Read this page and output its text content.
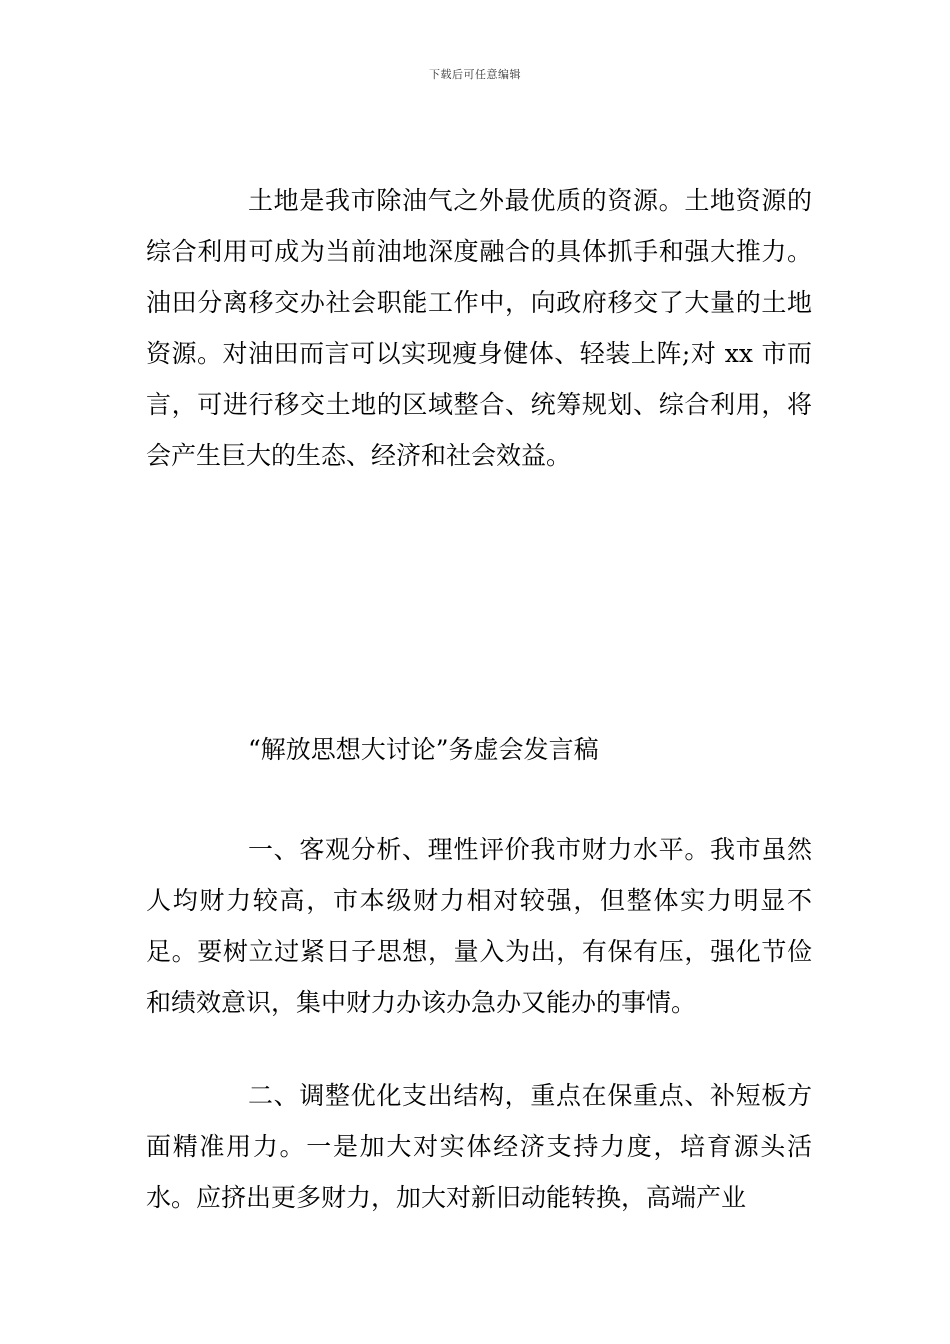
下载后可任意编辑

土地是我市除油气之外最优质的资源。土地资源的综合利用可成为当前油地深度融合的具体抓手和强大推力。油田分离移交办社会职能工作中，向政府移交了大量的土地资源。对油田而言可以实现瘦身健体、轻装上阵;对 xx 市而言，可进行移交土地的区域整合、统筹规划、综合利用，将会产生巨大的生态、经济和社会效益。

“解放思想大讨论”务虚会发言稿

一、客观分析、理性评价我市财力水平。我市虽然人均财力较高，市本级财力相对较强，但整体实力明显不足。要树立过紧日子思想，量入为出，有保有压，强化节俭和绩效意识，集中财力办该办急办又能办的事情。

二、调整优化支出结构，重点在保重点、补短板方面精准用力。一是加大对实体经济支持力度，培育源头活水。应挤出更多财力，加大对新旧动能转换，高端产业
